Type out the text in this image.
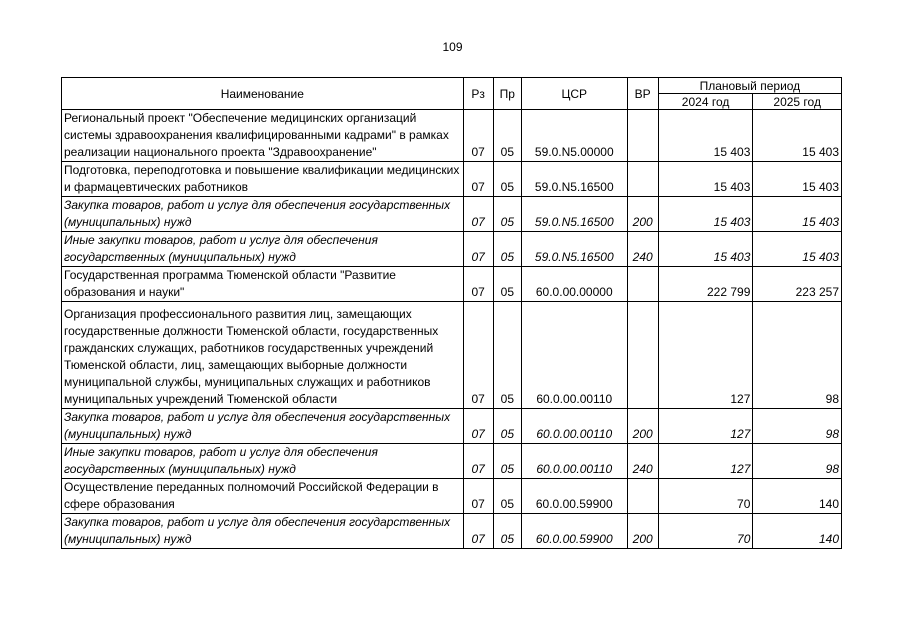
109
Наименование	Рз	Пр	ЦСР	ВР	Плановый период	
					2024 год	2025 год
Региональный проект "Обеспечение медицинских организаций системы здравоохранения квалифицированными кадрами" в рамках реализации национального проекта "Здравоохранение"	07	05	59.0.N5.00000		15 403	15 403
Подготовка, переподготовка и повышение квалификации медицинских и фармацевтических работников	07	05	59.0.N5.16500		15 403	15 403
Закупка товаров, работ и услуг для обеспечения государственных (муниципальных) нужд	07	05	59.0.N5.16500	200	15 403	15 403
Иные закупки товаров, работ и услуг для обеспечения государственных (муниципальных) нужд	07	05	59.0.N5.16500	240	15 403	15 403
Государственная программа Тюменской области "Развитие образования и науки"	07	05	60.0.00.00000		222 799	223 257
Организация профессионального развития лиц, замещающих государственные должности Тюменской области, государственных гражданских служащих, работников государственных учреждений Тюменской области, лиц, замещающих выборные должности муниципальной службы, муниципальных служащих и работников муниципальных учреждений Тюменской области	07	05	60.0.00.00110		127	98
Закупка товаров, работ и услуг для обеспечения государственных (муниципальных) нужд	07	05	60.0.00.00110	200	127	98
Иные закупки товаров, работ и услуг для обеспечения государственных (муниципальных) нужд	07	05	60.0.00.00110	240	127	98
Осуществление переданных полномочий Российской Федерации в сфере образования	07	05	60.0.00.59900		70	140
Закупка товаров, работ и услуг для обеспечения государственных (муниципальных) нужд	07	05	60.0.00.59900	200	70	140
